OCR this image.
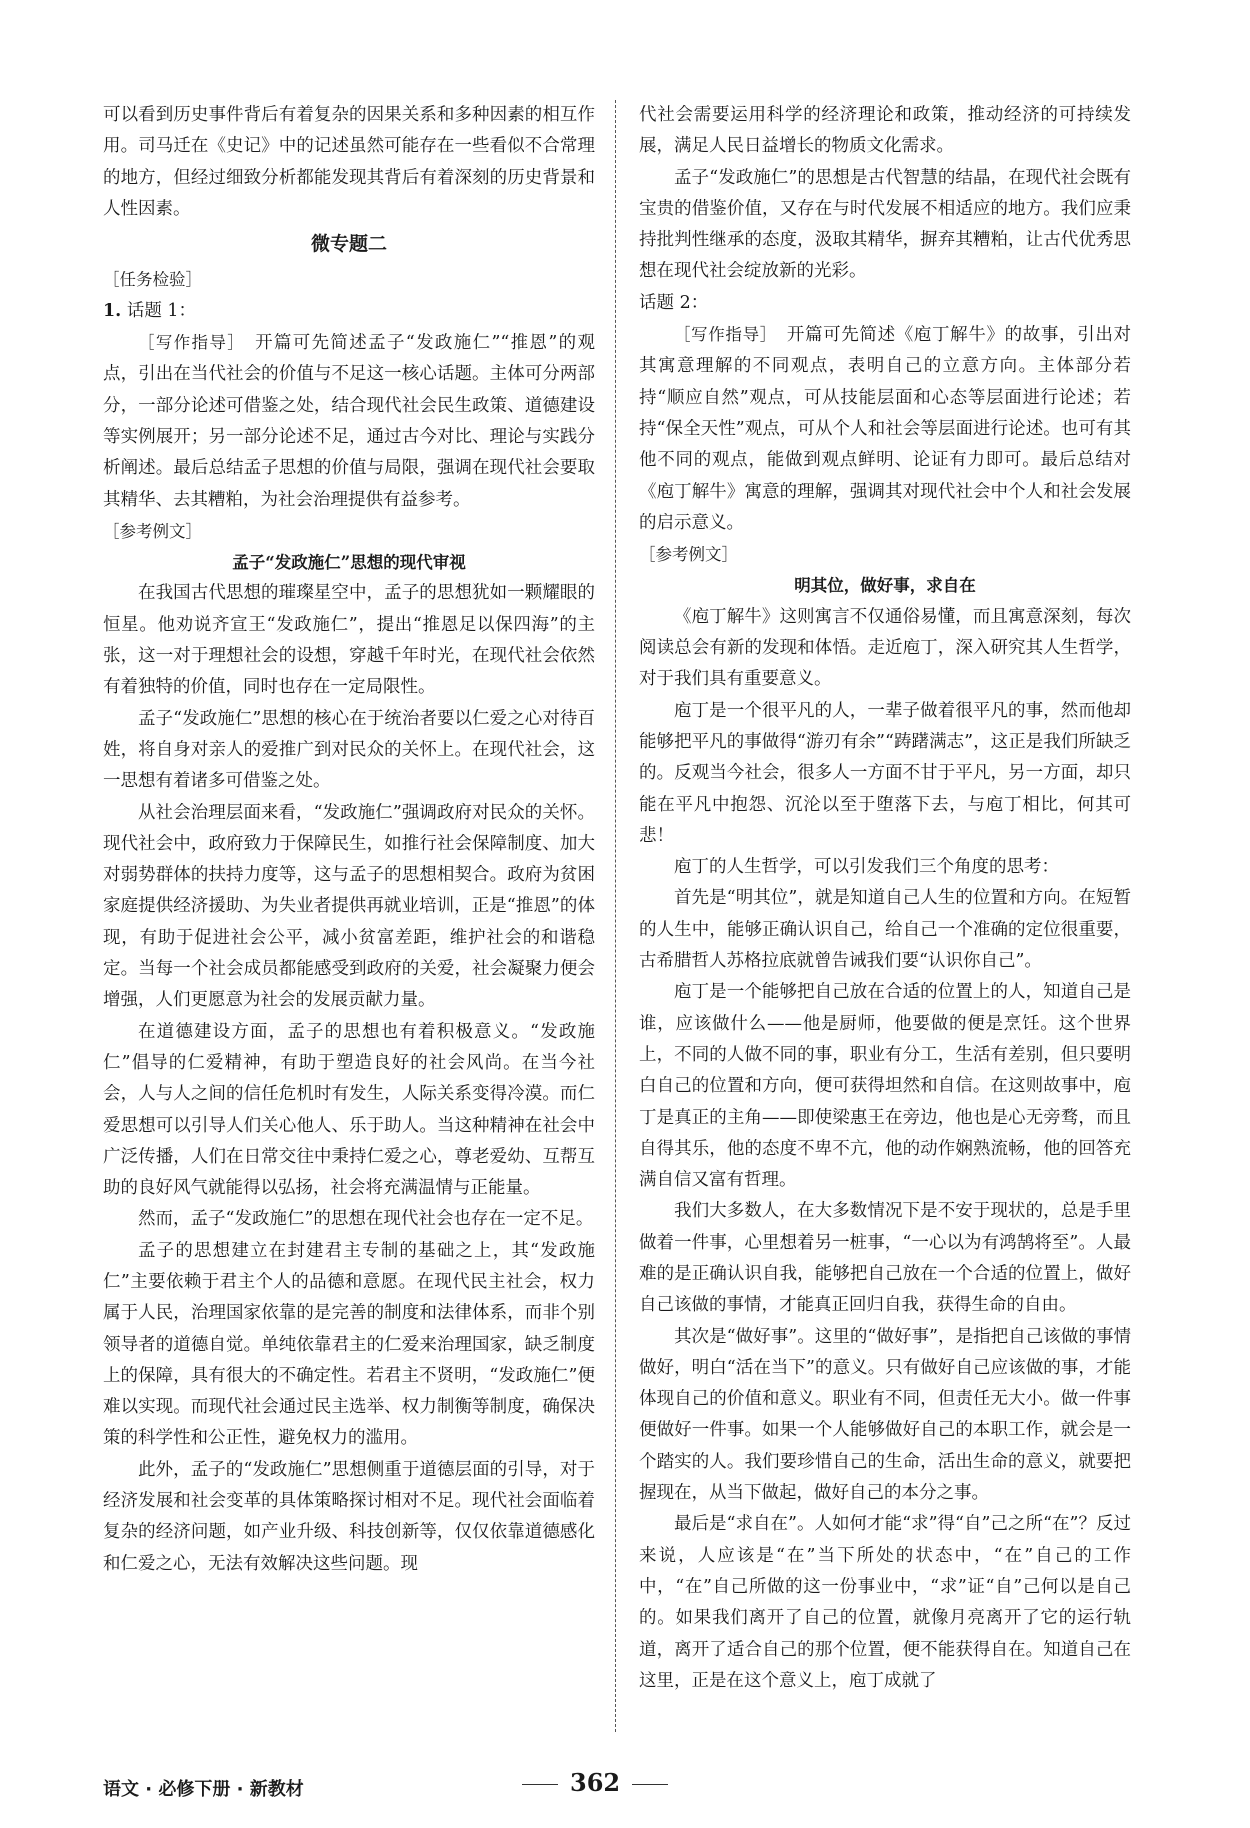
可以看到历史事件背后有着复杂的因果关系和多种因素的相互作用。司马迁在《史记》中的记述虽然可能存在一些看似不合常理的地方，但经过细致分析都能发现其背后有着深刻的历史背景和人性因素。

微专题二

［任务检验］

1. 话题 1：

［写作指导］ 开篇可先简述孟子“发政施仁”“推恩”的观点，引出在当代社会的价值与不足这一核心话题。主体可分两部分，一部分论述可借鉴之处，结合现代社会民生政策、道德建设等实例展开；另一部分论述不足，通过古今对比、理论与实践分析阐述。最后总结孟子思想的价值与局限，强调在现代社会要取其精华、去其糟粕，为社会治理提供有益参考。

［参考例文］

孟子“发政施仁”思想的现代审视

在我国古代思想的璀璨星空中，孟子的思想犹如一颗耀眼的恒星。他劝说齐宣王“发政施仁”，提出“推恩足以保四海”的主张，这一对于理想社会的设想，穿越千年时光，在现代社会依然有着独特的价值，同时也存在一定局限性。

孟子“发政施仁”思想的核心在于统治者要以仁爱之心对待百姓，将自身对亲人的爱推广到对民众的关怀上。在现代社会，这一思想有着诸多可借鉴之处。

从社会治理层面来看，“发政施仁”强调政府对民众的关怀。现代社会中，政府致力于保障民生，如推行社会保障制度、加大对弱势群体的扶持力度等，这与孟子的思想相契合。政府为贫困家庭提供经济援助、为失业者提供再就业培训，正是“推恩”的体现，有助于促进社会公平，减小贫富差距，维护社会的和谐稳定。当每一个社会成员都能感受到政府的关爱，社会凝聚力便会增强，人们更愿意为社会的发展贡献力量。

在道德建设方面，孟子的思想也有着积极意义。“发政施仁”倡导的仁爱精神，有助于塑造良好的社会风尚。在当今社会，人与人之间的信任危机时有发生，人际关系变得冷漠。而仁爱思想可以引导人们关心他人、乐于助人。当这种精神在社会中广泛传播，人们在日常交往中秉持仁爱之心，尊老爱幼、互帮互助的良好风气就能得以弘扬，社会将充满温情与正能量。

然而，孟子“发政施仁”的思想在现代社会也存在一定不足。

孟子的思想建立在封建君主专制的基础之上，其“发政施仁”主要依赖于君主个人的品德和意愿。在现代民主社会，权力属于人民，治理国家依靠的是完善的制度和法律体系，而非个别领导者的道德自觉。单纯依靠君主的仁爱来治理国家，缺乏制度上的保障，具有很大的不确定性。若君主不贤明，“发政施仁”便难以实现。而现代社会通过民主选举、权力制衡等制度，确保决策的科学性和公正性，避免权力的滥用。

此外，孟子的“发政施仁”思想侧重于道德层面的引导，对于经济发展和社会变革的具体策略探讨相对不足。现代社会面临着复杂的经济问题，如产业升级、科技创新等，仅仅依靠道德感化和仁爱之心，无法有效解决这些问题。现

代社会需要运用科学的经济理论和政策，推动经济的可持续发展，满足人民日益增长的物质文化需求。

孟子“发政施仁”的思想是古代智慧的结晶，在现代社会既有宝贵的借鉴价值，又存在与时代发展不相适应的地方。我们应秉持批判性继承的态度，汲取其精华，摒弃其糟粕，让古代优秀思想在现代社会绽放新的光彩。

话题 2：

［写作指导］ 开篇可先简述《庖丁解牛》的故事，引出对其寓意理解的不同观点，表明自己的立意方向。主体部分若持“顺应自然”观点，可从技能层面和心态等层面进行论述；若持“保全天性”观点，可从个人和社会等层面进行论述。也可有其他不同的观点，能做到观点鲜明、论证有力即可。最后总结对《庖丁解牛》寓意的理解，强调其对现代社会中个人和社会发展的启示意义。

［参考例文］

明其位，做好事，求自在

《庖丁解牛》这则寓言不仅通俗易懂，而且寓意深刻，每次阅读总会有新的发现和体悟。走近庖丁，深入研究其人生哲学，对于我们具有重要意义。

庖丁是一个很平凡的人，一辈子做着很平凡的事，然而他却能够把平凡的事做得“游刃有余”“踌躇满志”，这正是我们所缺乏的。反观当今社会，很多人一方面不甘于平凡，另一方面，却只能在平凡中抱怨、沉沦以至于堕落下去，与庖丁相比，何其可悲！

庖丁的人生哲学，可以引发我们三个角度的思考：

首先是“明其位”，就是知道自己人生的位置和方向。在短暂的人生中，能够正确认识自己，给自己一个准确的定位很重要，古希腊哲人苏格拉底就曾告诫我们要“认识你自己”。

庖丁是一个能够把自己放在合适的位置上的人，知道自己是谁，应该做什么——他是厨师，他要做的便是烹饪。这个世界上，不同的人做不同的事，职业有分工，生活有差别，但只要明白自己的位置和方向，便可获得坦然和自信。在这则故事中，庖丁是真正的主角——即使梁惠王在旁边，他也是心无旁骛，而且自得其乐，他的态度不卑不亢，他的动作娴熟流畅，他的回答充满自信又富有哲理。

我们大多数人，在大多数情况下是不安于现状的，总是手里做着一件事，心里想着另一桩事，“一心以为有鸿鹄将至”。人最难的是正确认识自我，能够把自己放在一个合适的位置上，做好自己该做的事情，才能真正回归自我，获得生命的自由。

其次是“做好事”。这里的“做好事”，是指把自己该做的事情做好，明白“活在当下”的意义。只有做好自己应该做的事，才能体现自己的价值和意义。职业有不同，但责任无大小。做一件事便做好一件事。如果一个人能够做好自己的本职工作，就会是一个踏实的人。我们要珍惜自己的生命，活出生命的意义，就要把握现在，从当下做起，做好自己的本分之事。

最后是“求自在”。人如何才能“求”得“自”己之所“在”？反过来说，人应该是“在”当下所处的状态中，“在”自己的工作中，“在”自己所做的这一份事业中，“求”证“自”己何以是自己的。如果我们离开了自己的位置，就像月亮离开了它的运行轨道，离开了适合自己的那个位置，便不能获得自在。知道自己在这里，正是在这个意义上，庖丁成就了

语文 · 必修下册 · 新教材	362
